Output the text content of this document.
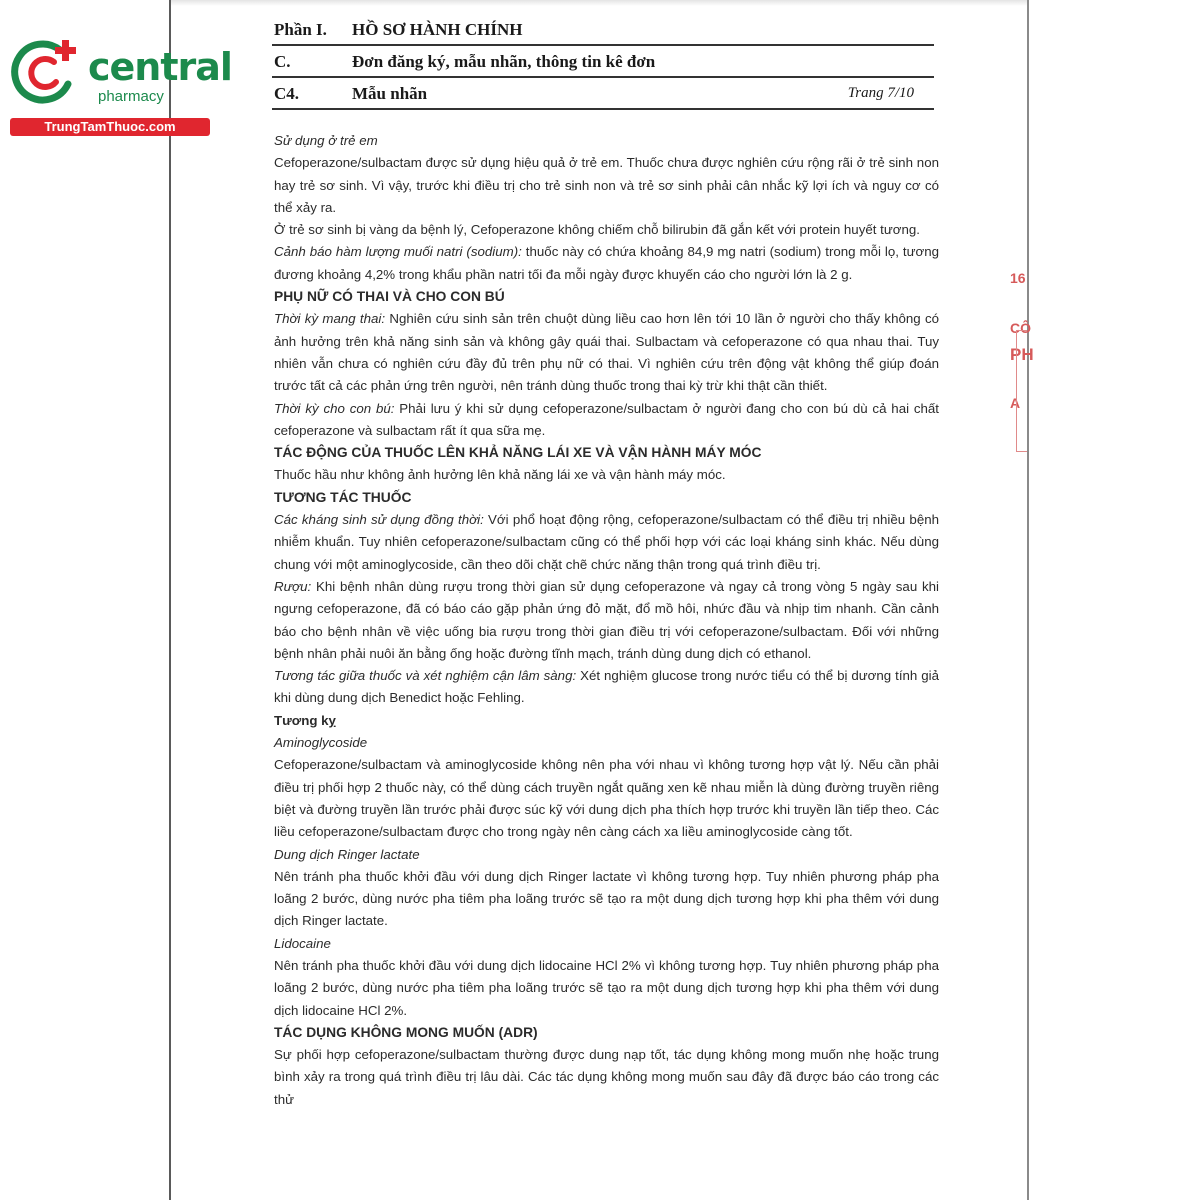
central
pharmacy
TrungTamThuoc.com
Phần I. HỒ SƠ HÀNH CHÍNH
C.	Đơn đăng ký, mẫu nhãn, thông tin kê đơn
C4.	Mẫu nhãn	Trang 7/10
16
CÔ
PH
A

Sử dụng ở trẻ em

Cefoperazone/sulbactam được sử dụng hiệu quả ở trẻ em. Thuốc chưa được nghiên cứu rộng rãi ở trẻ sinh non hay trẻ sơ sinh. Vì vậy, trước khi điều trị cho trẻ sinh non và trẻ sơ sinh phải cân nhắc kỹ lợi ích và nguy cơ có thể xảy ra.

Ở trẻ sơ sinh bị vàng da bệnh lý, Cefoperazone không chiếm chỗ bilirubin đã gắn kết với protein huyết tương.

Cảnh báo hàm lượng muối natri (sodium): thuốc này có chứa khoảng 84,9 mg natri (sodium) trong mỗi lọ, tương đương khoảng 4,2% trong khẩu phần natri tối đa mỗi ngày được khuyến cáo cho người lớn là 2 g.

PHỤ NỮ CÓ THAI VÀ CHO CON BÚ

Thời kỳ mang thai: Nghiên cứu sinh sản trên chuột dùng liều cao hơn lên tới 10 lần ở người cho thấy không có ảnh hưởng trên khả năng sinh sản và không gây quái thai. Sulbactam và cefoperazone có qua nhau thai. Tuy nhiên vẫn chưa có nghiên cứu đầy đủ trên phụ nữ có thai. Vì nghiên cứu trên động vật không thể giúp đoán trước tất cả các phản ứng trên người, nên tránh dùng thuốc trong thai kỳ trừ khi thật cần thiết.

Thời kỳ cho con bú: Phải lưu ý khi sử dụng cefoperazone/sulbactam ở người đang cho con bú dù cả hai chất cefoperazone và sulbactam rất ít qua sữa mẹ.

TÁC ĐỘNG CỦA THUỐC LÊN KHẢ NĂNG LÁI XE VÀ VẬN HÀNH MÁY MÓC

Thuốc hầu như không ảnh hưởng lên khả năng lái xe và vận hành máy móc.

TƯƠNG TÁC THUỐC

Các kháng sinh sử dụng đồng thời: Với phổ hoạt động rộng, cefoperazone/sulbactam có thể điều trị nhiều bệnh nhiễm khuẩn. Tuy nhiên cefoperazone/sulbactam cũng có thể phối hợp với các loại kháng sinh khác. Nếu dùng chung với một aminoglycoside, cần theo dõi chặt chẽ chức năng thận trong quá trình điều trị.

Rượu: Khi bệnh nhân dùng rượu trong thời gian sử dụng cefoperazone và ngay cả trong vòng 5 ngày sau khi ngưng cefoperazone, đã có báo cáo gặp phản ứng đỏ mặt, đổ mồ hôi, nhức đầu và nhịp tim nhanh. Cần cảnh báo cho bệnh nhân về việc uống bia rượu trong thời gian điều trị với cefoperazone/sulbactam. Đối với những bệnh nhân phải nuôi ăn bằng ống hoặc đường tĩnh mạch, tránh dùng dung dịch có ethanol.

Tương tác giữa thuốc và xét nghiệm cận lâm sàng: Xét nghiệm glucose trong nước tiểu có thể bị dương tính giả khi dùng dung dịch Benedict hoặc Fehling.

Tương kỵ

Aminoglycoside

Cefoperazone/sulbactam và aminoglycoside không nên pha với nhau vì không tương hợp vật lý. Nếu cần phải điều trị phối hợp 2 thuốc này, có thể dùng cách truyền ngắt quãng xen kẽ nhau miễn là dùng đường truyền riêng biệt và đường truyền lần trước phải được súc kỹ với dung dịch pha thích hợp trước khi truyền lần tiếp theo. Các liều cefoperazone/sulbactam được cho trong ngày nên càng cách xa liều aminoglycoside càng tốt.

Dung dịch Ringer lactate

Nên tránh pha thuốc khởi đầu với dung dịch Ringer lactate vì không tương hợp. Tuy nhiên phương pháp pha loãng 2 bước, dùng nước pha tiêm pha loãng trước sẽ tạo ra một dung dịch tương hợp khi pha thêm với dung dịch Ringer lactate.

Lidocaine

Nên tránh pha thuốc khởi đầu với dung dịch lidocaine HCl 2% vì không tương hợp. Tuy nhiên phương pháp pha loãng 2 bước, dùng nước pha tiêm pha loãng trước sẽ tạo ra một dung dịch tương hợp khi pha thêm với dung dịch lidocaine HCl 2%.

TÁC DỤNG KHÔNG MONG MUỐN (ADR)

Sự phối hợp cefoperazone/sulbactam thường được dung nạp tốt, tác dụng không mong muốn nhẹ hoặc trung bình xảy ra trong quá trình điều trị lâu dài. Các tác dụng không mong muốn sau đây đã được báo cáo trong các thử
